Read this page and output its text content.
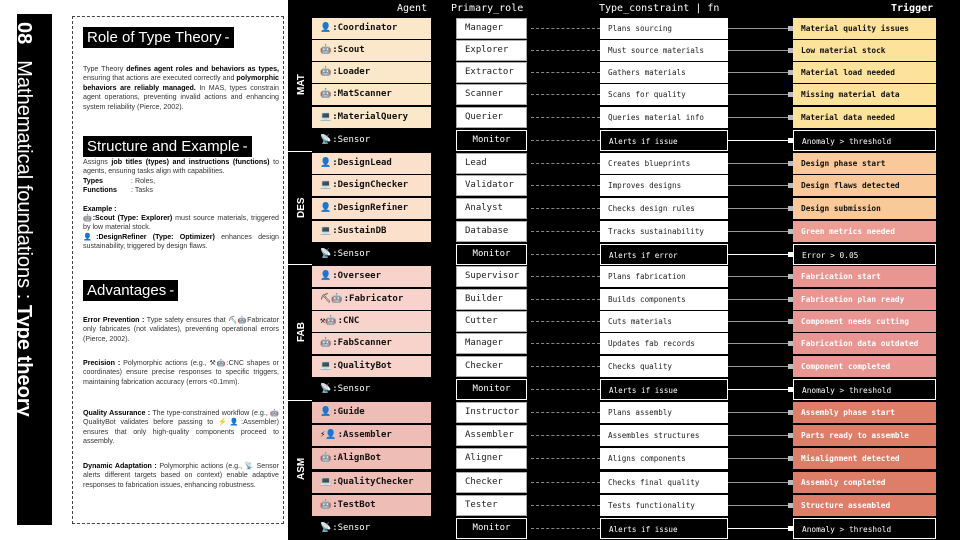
08Mathematical foundations : Type theory
Role of Type Theory -
Type Theory defines agent roles and behaviors as types, ensuring that actions are executed correctly and polymorphic behaviors are reliably managed. In MAS, types constrain agent operations, preventing invalid actions and enhancing system reliability (Pierce, 2002).
Structure and Example -
Assigns job titles (types) and instructions (functions) to agents, ensuring tasks align with capabilities.
Types	: Roles,
Functions	: Tasks
Example :
🤖:Scout (Type: Explorer) must source materials, triggered by low material stock.
👤:DesignRefiner (Type: Optimizer) enhances design sustainability, triggered by design flaws.
Advantages -
Error Prevention : Type safety ensures that ⛏🤖Fabricator only fabricates (not validates), preventing operational errors (Pierce, 2002).
Precision : Polymorphic actions (e.g., ⚒🤖:CNC shapes or coordinates) ensure precise responses to specific triggers, maintaining fabrication accuracy (errors <0.1mm).
Quality Assurance : The type-constrained workflow (e.g., 🤖QualityBot validates before passing to ⚡👤:Assembler) ensures that only high-quality components proceed to assembly.
Dynamic Adaptation : Polymorphic actions (e.g., 📡 Sensor alerts different targets based on context) enable adaptive responses to fabrication issues, enhancing robustness.
Agent Primary_role	Type_constraint | fn	Trigger
👤:Coordinator	Manager	Plans sourcing	Material quality issues
🤖:Scout	Explorer	Must source materials	Low material stock
🤖:Loader	Extractor	Gathers materials	Material load needed
🤖:MatScanner	Scanner	Scans for quality	Missing material data
💻:MaterialQuery	Querier	Queries material info	Material data needed
📡:Sensor	Monitor	Alerts if issue	Anomaly > threshold
MAT
👤:DesignLead	Lead	Creates blueprints	Design phase start
💻:DesignChecker	Validator	Improves designs	Design flaws detected
👤:DesignRefiner	Analyst	Checks design rules	Design submission
💻:SustainDB	Database	Tracks sustainability	Green metrics needed
📡:Sensor	Monitor	Alerts if error	Error > 0.05
DES
👤:Overseer	Supervisor	Plans fabrication	Fabrication start
⛏🤖:Fabricator	Builder	Builds components	Fabrication plan ready
⚒🤖:CNC	Cutter	Cuts materials	Component needs cutting
🤖:FabScanner	Manager	Updates fab records	Fabrication data outdated
💻:QualityBot	Checker	Checks quality	Component completed
📡:Sensor	Monitor	Alerts if issue	Anomaly > threshold
FAB
👤:Guide	Instructor	Plans assembly	Assembly phase start
⚡👤:Assembler	Assembler	Assembles structures	Parts ready to assemble
🤖:AlignBot	Aligner	Aligns components	Misalignment detected
💻:QualityChecker	Checker	Checks final quality	Assembly completed
🤖:TestBot	Tester	Tests functionality	Structure assembled
📡:Sensor	Monitor	Alerts if issue	Anomaly > threshold
ASM
